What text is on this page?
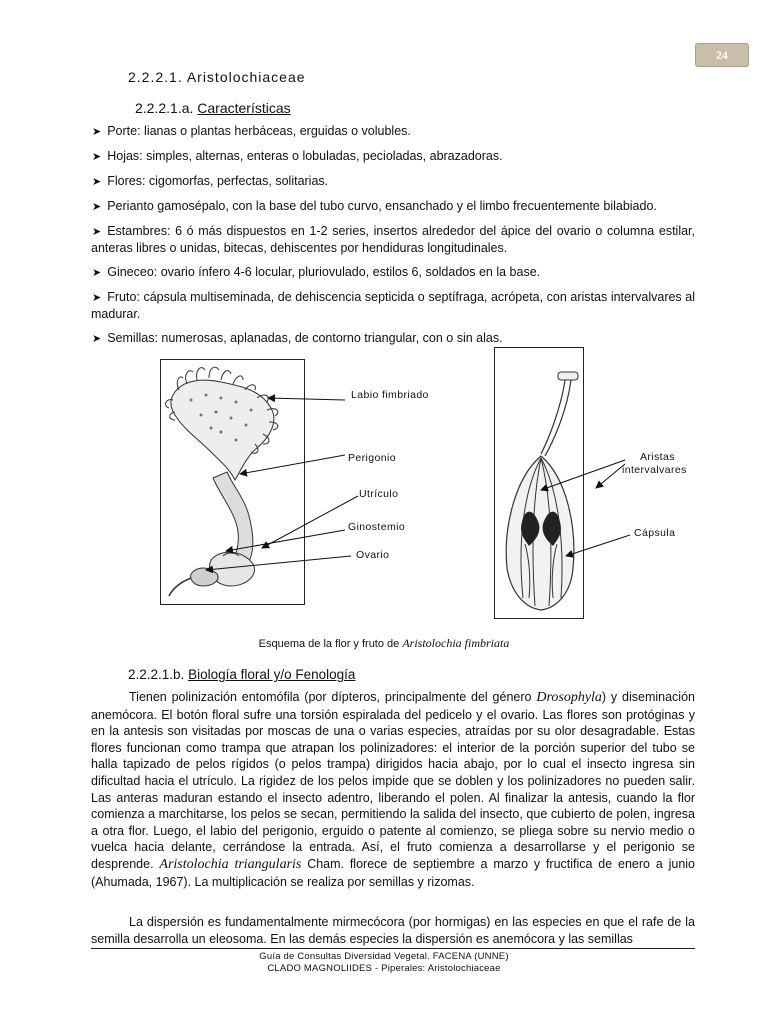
24
2.2.2.1. Aristolochiaceae
2.2.2.1.a. Características
➤ Porte: lianas o plantas herbáceas, erguidas o volubles.
➤ Hojas: simples, alternas, enteras o lobuladas, pecioladas, abrazadoras.
➤ Flores: cigomorfas, perfectas, solitarias.
➤ Perianto gamosépalo, con la base del tubo curvo, ensanchado y el limbo frecuentemente bilabiado.
➤ Estambres: 6 ó más dispuestos en 1-2 series, insertos alrededor del ápice del ovario o columna estilar, anteras libres o unidas, bitecas, dehiscentes por hendiduras longitudinales.
➤ Gineceo: ovario ínfero 4-6 locular, pluriovulado, estilos 6, soldados en la base.
➤ Fruto: cápsula multiseminada, de dehiscencia septicida o septífraga, acrópeta, con aristas intervalvares al madurar.
➤ Semillas: numerosas, aplanadas, de contorno triangular, con o sin alas.
Labio fimbriado
Perigonio
Utrículo
Ginostemio
Ovario
Aristas
intervalvares
Cápsula
Esquema de la flor y fruto de Aristolochia fimbriata
2.2.2.1.b. Biología floral y/o Fenología

Tienen polinización entomófila (por dípteros, principalmente del género Drosophyla) y diseminación anemócora. El botón floral sufre una torsión espiralada del pedicelo y el ovario. Las flores son protóginas y en la antesis son visitadas por moscas de una o varias especies, atraídas por su olor desagradable. Estas flores funcionan como trampa que atrapan los polinizadores: el interior de la porción superior del tubo se halla tapizado de pelos rígidos (o pelos trampa) dirigidos hacia abajo, por lo cual el insecto ingresa sin dificultad hacia el utrículo. La rigidez de los pelos impide que se doblen y los polinizadores no pueden salir. Las anteras maduran estando el insecto adentro, liberando el polen. Al finalizar la antesis, cuando la flor comienza a marchitarse, los pelos se secan, permitiendo la salida del insecto, que cubierto de polen, ingresa a otra flor. Luego, el labio del perigonio, erguido o patente al comienzo, se pliega sobre su nervio medio o vuelca hacia delante, cerrándose la entrada. Así, el fruto comienza a desarrollarse y el perigonio se desprende. Aristolochia triangularis Cham. florece de septiembre a marzo y fructifica de enero a junio (Ahumada, 1967). La multiplicación se realiza por semillas y rizomas.

La dispersión es fundamentalmente mirmecócora (por hormigas) en las especies en que el rafe de la semilla desarrolla un eleosoma. En las demás especies la dispersión es anemócora y las semillas

Guía de Consultas Diversidad Vegetal. FACENA (UNNE)
CLADO MAGNOLIIDES - Piperales: Aristolochiaceae
